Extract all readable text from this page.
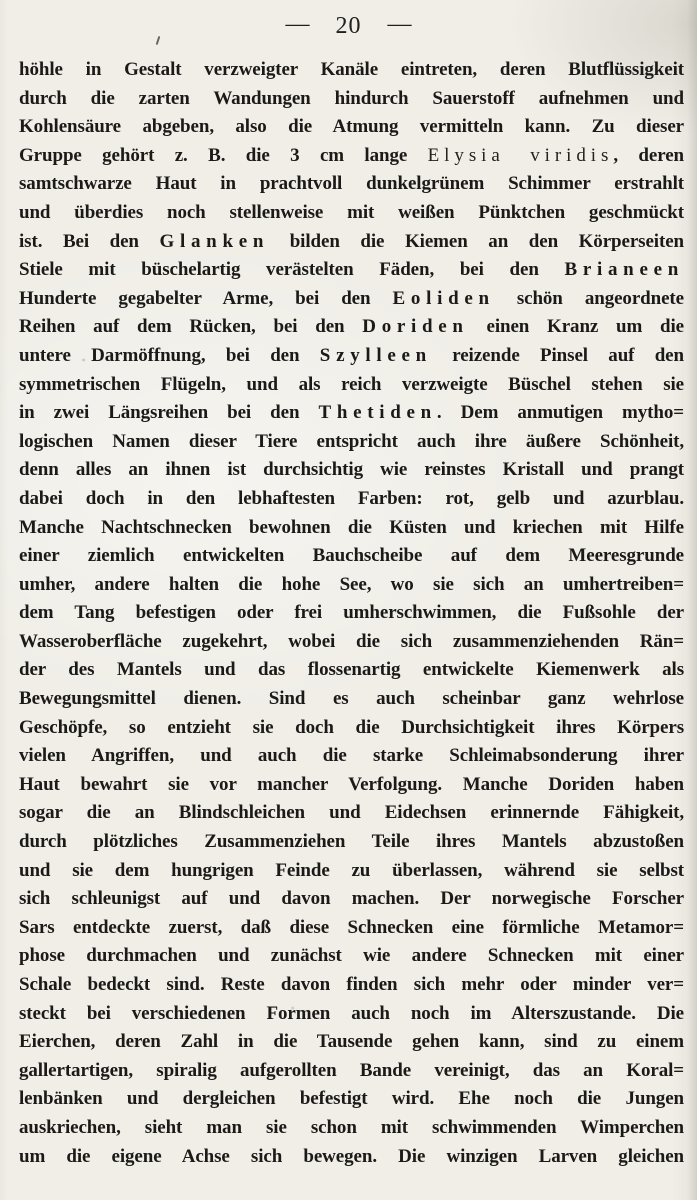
— 20 —
höhle in Gestalt verzweigter Kanäle eintreten, deren Blutflüssigkeit
durch die zarten Wandungen hindurch Sauerstoff aufnehmen und
Kohlensäure abgeben, also die Atmung vermitteln kann. Zu dieser
Gruppe gehört z. B. die 3 cm lange Elysia viridis, deren
samtschwarze Haut in prachtvoll dunkelgrünem Schimmer erstrahlt
und überdies noch stellenweise mit weißen Pünktchen geschmückt
ist. Bei den Glanken bilden die Kiemen an den Körperseiten
Stiele mit büschelartig verästelten Fäden, bei den Brianeen
Hunderte gegabelter Arme, bei den Eoliden schön angeordnete
Reihen auf dem Rücken, bei den Doriden einen Kranz um die
untere Darmöffnung, bei den Szylleen reizende Pinsel auf den
symmetrischen Flügeln, und als reich verzweigte Büschel stehen sie
in zwei Längsreihen bei den Thetiden. Dem anmutigen mytho=
logischen Namen dieser Tiere entspricht auch ihre äußere Schönheit,
denn alles an ihnen ist durchsichtig wie reinstes Kristall und prangt
dabei doch in den lebhaftesten Farben: rot, gelb und azurblau.
Manche Nachtschnecken bewohnen die Küsten und kriechen mit Hilfe
einer ziemlich entwickelten Bauchscheibe auf dem Meeresgrunde
umher, andere halten die hohe See, wo sie sich an umhertreiben=
dem Tang befestigen oder frei umherschwimmen, die Fußsohle der
Wasseroberfläche zugekehrt, wobei die sich zusammenziehenden Rän=
der des Mantels und das flossenartig entwickelte Kiemenwerk als
Bewegungsmittel dienen. Sind es auch scheinbar ganz wehrlose
Geschöpfe, so entzieht sie doch die Durchsichtigkeit ihres Körpers
vielen Angriffen, und auch die starke Schleimabsonderung ihrer
Haut bewahrt sie vor mancher Verfolgung. Manche Doriden haben
sogar die an Blindschleichen und Eidechsen erinnernde Fähigkeit,
durch plötzliches Zusammenziehen Teile ihres Mantels abzustoßen
und sie dem hungrigen Feinde zu überlassen, während sie selbst
sich schleunigst auf und davon machen. Der norwegische Forscher
Sars entdeckte zuerst, daß diese Schnecken eine förmliche Metamor=
phose durchmachen und zunächst wie andere Schnecken mit einer
Schale bedeckt sind. Reste davon finden sich mehr oder minder ver=
steckt bei verschiedenen Formen auch noch im Alterszustande. Die
Eierchen, deren Zahl in die Tausende gehen kann, sind zu einem
gallertartigen, spiralig aufgerollten Bande vereinigt, das an Koral=
lenbänken und dergleichen befestigt wird. Ehe noch die Jungen
auskriechen, sieht man sie schon mit schwimmenden Wimperchen
um die eigene Achse sich bewegen. Die winzigen Larven gleichen
